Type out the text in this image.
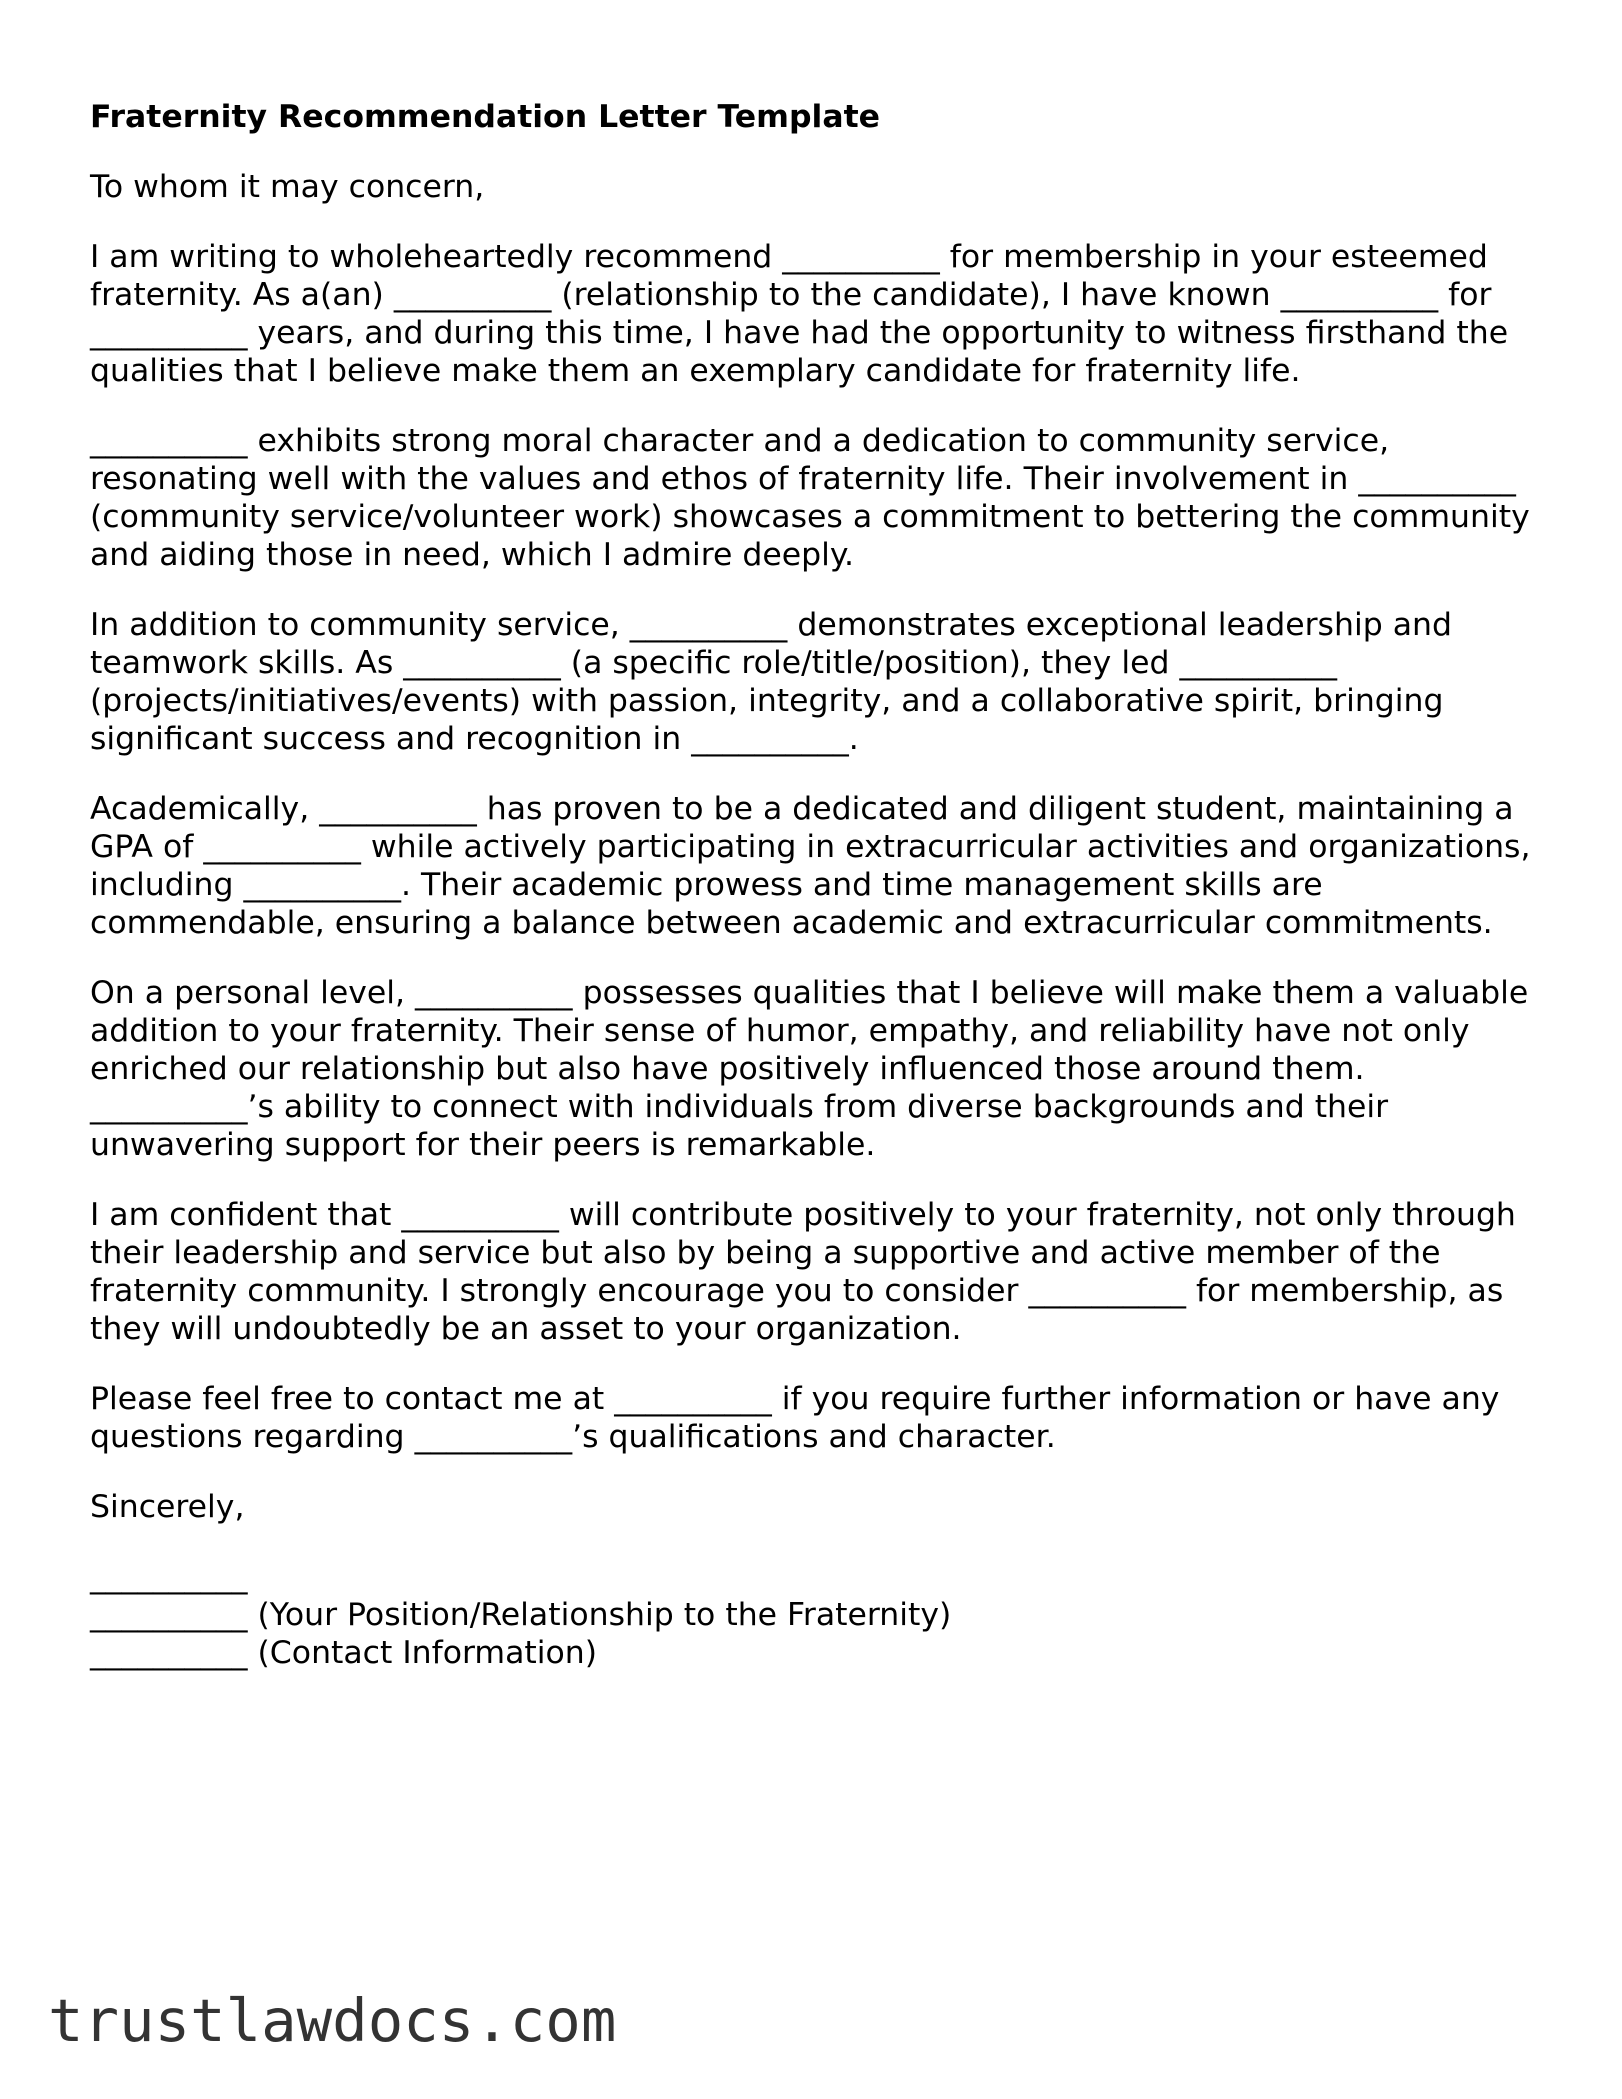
Fraternity Recommendation Letter Template
To whom it may concern,
I am writing to wholeheartedly recommend __________ for membership in your esteemed fraternity. As a(an) __________ (relationship to the candidate), I have known __________ for __________ years, and during this time, I have had the opportunity to witness firsthand the qualities that I believe make them an exemplary candidate for fraternity life.
__________ exhibits strong moral character and a dedication to community service, resonating well with the values and ethos of fraternity life. Their involvement in __________ (community service/volunteer work) showcases a commitment to bettering the community and aiding those in need, which I admire deeply.
In addition to community service, __________ demonstrates exceptional leadership and teamwork skills. As __________ (a specific role/title/position), they led __________ (projects/initiatives/events) with passion, integrity, and a collaborative spirit, bringing significant success and recognition in __________.
Academically, __________ has proven to be a dedicated and diligent student, maintaining a GPA of __________ while actively participating in extracurricular activities and organizations, including __________. Their academic prowess and time management skills are commendable, ensuring a balance between academic and extracurricular commitments.
On a personal level, __________ possesses qualities that I believe will make them a valuable addition to your fraternity. Their sense of humor, empathy, and reliability have not only enriched our relationship but also have positively influenced those around them. __________’s ability to connect with individuals from diverse backgrounds and their unwavering support for their peers is remarkable.
I am confident that __________ will contribute positively to your fraternity, not only through their leadership and service but also by being a supportive and active member of the fraternity community. I strongly encourage you to consider __________ for membership, as they will undoubtedly be an asset to your organization.
Please feel free to contact me at __________ if you require further information or have any questions regarding __________’s qualifications and character.
Sincerely,
__________
__________ (Your Position/Relationship to the Fraternity)
__________ (Contact Information)
trustlawdocs.com
